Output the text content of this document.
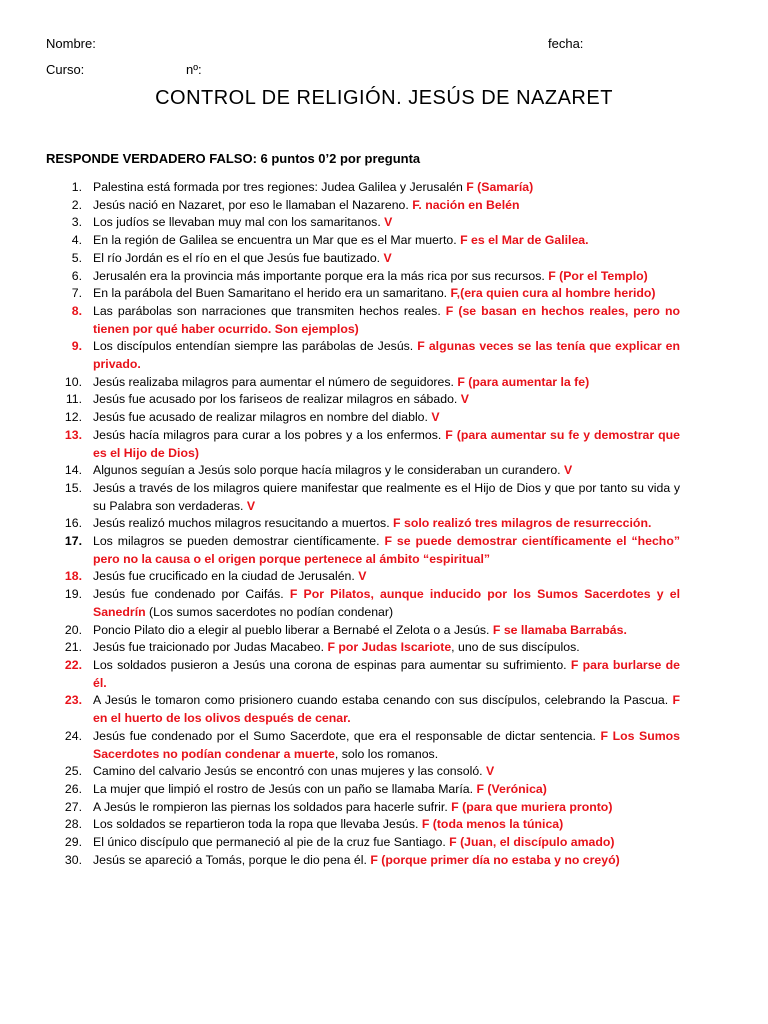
Nombre:	fecha:
Curso:	nº:
CONTROL DE RELIGIÓN. JESÚS DE NAZARET
RESPONDE VERDADERO FALSO: 6 puntos 0’2 por pregunta
1. Palestina está formada por tres regiones: Judea Galilea y Jerusalén F (Samaría)
2. Jesús nació en Nazaret, por eso le llamaban el Nazareno. F. nación en Belén
3. Los judíos se llevaban muy mal con los samaritanos. V
4. En la región de Galilea se encuentra un Mar que es el Mar muerto. F es el Mar de Galilea.
5. El río Jordán es el río en el que Jesús fue bautizado. V
6. Jerusalén era la provincia más importante porque era la más rica por sus recursos. F (Por el Templo)
7. En la parábola del Buen Samaritano el herido era un samaritano. F,(era quien cura al hombre herido)
8. Las parábolas son narraciones que transmiten hechos reales. F (se basan en hechos reales, pero no tienen por qué haber ocurrido. Son ejemplos)
9. Los discípulos entendían siempre las parábolas de Jesús. F algunas veces se las tenía que explicar en privado.
10. Jesús realizaba milagros para aumentar el número de seguidores. F (para aumentar la fe)
11. Jesús fue acusado por los fariseos de realizar milagros en sábado. V
12. Jesús fue acusado de realizar milagros en nombre del diablo. V
13. Jesús hacía milagros para curar a los pobres y a los enfermos. F (para aumentar su fe y demostrar que es el Hijo de Dios)
14. Algunos seguían a Jesús solo porque hacía milagros y le consideraban un curandero. V
15. Jesús a través de los milagros quiere manifestar que realmente es el Hijo de Dios y que por tanto su vida y su Palabra son verdaderas. V
16. Jesús realizó muchos milagros resucitando a muertos. F solo realizó tres milagros de resurrección.
17. Los milagros se pueden demostrar científicamente. F se puede demostrar científicamente el “hecho” pero no la causa o el origen porque pertenece al ámbito “espiritual”
18. Jesús fue crucificado en la ciudad de Jerusalén. V
19. Jesús fue condenado por Caifás. F Por Pilatos, aunque inducido por los Sumos Sacerdotes y el Sanedrín (Los sumos sacerdotes no podían condenar)
20. Poncio Pilato dio a elegir al pueblo liberar a Bernabé el Zelota o a Jesús. F se llamaba Barrabás.
21. Jesús fue traicionado por Judas Macabeo. F por Judas Iscariote, uno de sus discípulos.
22. Los soldados pusieron a Jesús una corona de espinas para aumentar su sufrimiento. F para burlarse de él.
23. A Jesús le tomaron como prisionero cuando estaba cenando con sus discípulos, celebrando la Pascua. F en el huerto de los olivos después de cenar.
24. Jesús fue condenado por el Sumo Sacerdote, que era el responsable de dictar sentencia. F Los Sumos Sacerdotes no podían condenar a muerte, solo los romanos.
25. Camino del calvario Jesús se encontró con unas mujeres y las consoló. V
26. La mujer que limpió el rostro de Jesús con un paño se llamaba María. F (Verónica)
27. A Jesús le rompieron las piernas los soldados para hacerle sufrir. F (para que muriera pronto)
28. Los soldados se repartieron toda la ropa que llevaba Jesús. F (toda menos la túnica)
29. El único discípulo que permaneció al pie de la cruz fue Santiago. F (Juan, el discípulo amado)
30. Jesús se apareció a Tomás, porque le dio pena él. F (porque primer día no estaba y no creyó)
